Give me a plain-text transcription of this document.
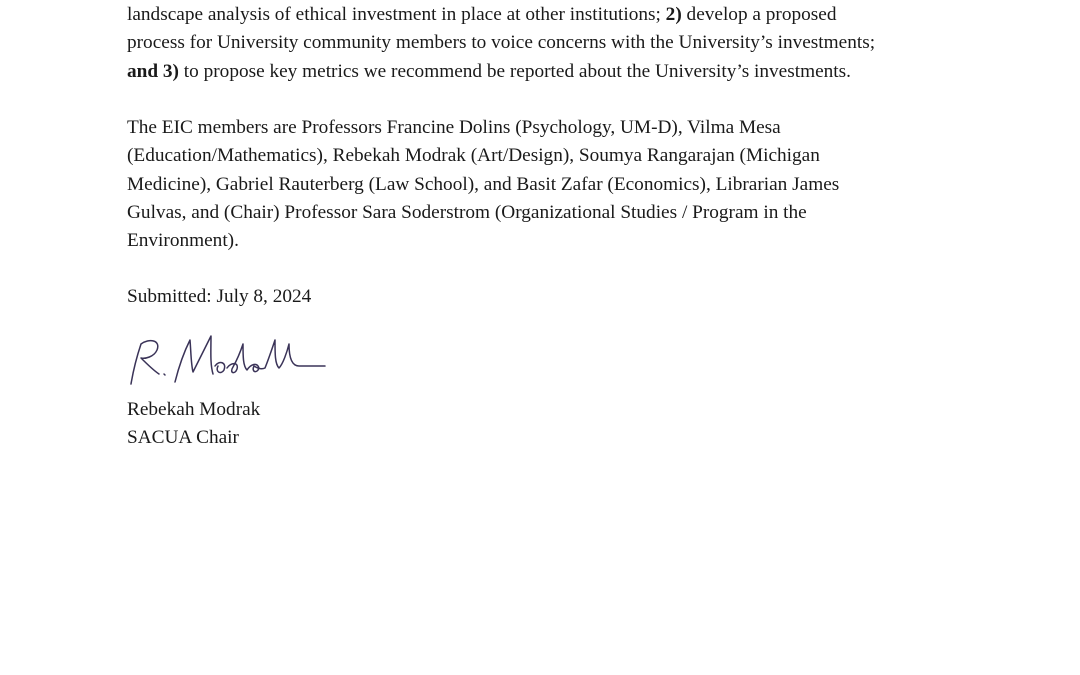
landscape analysis of ethical investment in place at other institutions; 2) develop a proposed
process for University community members to voice concerns with the University’s investments;
and 3) to propose key metrics we recommend be reported about the University’s investments.

The EIC members are Professors Francine Dolins (Psychology, UM-D), Vilma Mesa
(Education/Mathematics), Rebekah Modrak (Art/Design), Soumya Rangarajan (Michigan
Medicine), Gabriel Rauterberg (Law School), and Basit Zafar (Economics), Librarian James
Gulvas, and (Chair) Professor Sara Soderstrom (Organizational Studies / Program in the
Environment).

Submitted: July 8, 2024

Rebekah Modrak

SACUA Chair
